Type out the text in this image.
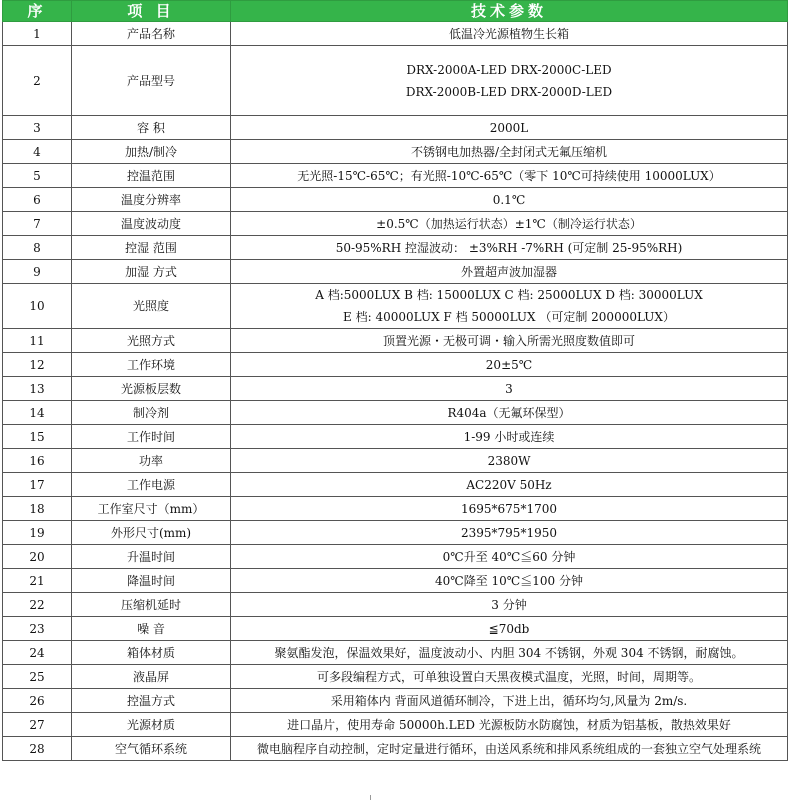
序	项 目	技术参数
1	产品名称	低温冷光源植物生长箱

2	产品型号	DRX-2000A-LED DRX-2000C-LED
DRX-2000B-LED DRX-2000D-LED

3	容 积	2000L

4	加热/制冷	不锈钢电加热器/全封闭式无氟压缩机

5	控温范围	无光照-15℃-65℃；有光照-10℃-65℃（零下 10℃可持续使用 10000LUX）

6	温度分辨率	0.1℃

7	温度波动度	±0.5℃（加热运行状态）±1℃（制冷运行状态）

8	控湿 范围	50-95%RH 控湿波动： ±3%RH -7%RH (可定制 25-95%RH)

9	加湿 方式	外置超声波加湿器

10	光照度	A 档:5000LUX B 档: 15000LUX C 档: 25000LUX D 档: 30000LUX
E 档: 40000LUX F 档 50000LUX （可定制 200000LUX）

11	光照方式	顶置光源・无极可调・输入所需光照度数值即可

12	工作环境	20±5℃

13	光源板层数	3

14	制冷剂	R404a（无氟环保型）

15	工作时间	1-99 小时或连续

16	功率	2380W

17	工作电源	AC220V 50Hz

18	工作室尺寸（mm）	1695*675*1700

19	外形尺寸(mm)	2395*795*1950

20	升温时间	0℃升至 40℃≦60 分钟

21	降温时间	40℃降至 10℃≦100 分钟

22	压缩机延时	3 分钟

23	噪 音	≦70db

24	箱体材质	聚氨酯发泡，保温效果好，温度波动小、内胆 304 不锈钢，外观 304 不锈钢，耐腐蚀。

25	液晶屏	可多段编程方式，可单独设置白天黑夜模式温度，光照，时间，周期等。

26	控温方式	采用箱体内 背面风道循环制冷，下进上出，循环均匀,风量为 2m/s.

27	光源材质	进口晶片，使用寿命 50000h.LED 光源板防水防腐蚀，材质为铝基板，散热效果好

28	空气循环系统	微电脑程序自动控制，定时定量进行循环，由送风系统和排风系统组成的一套独立空气处理系统
